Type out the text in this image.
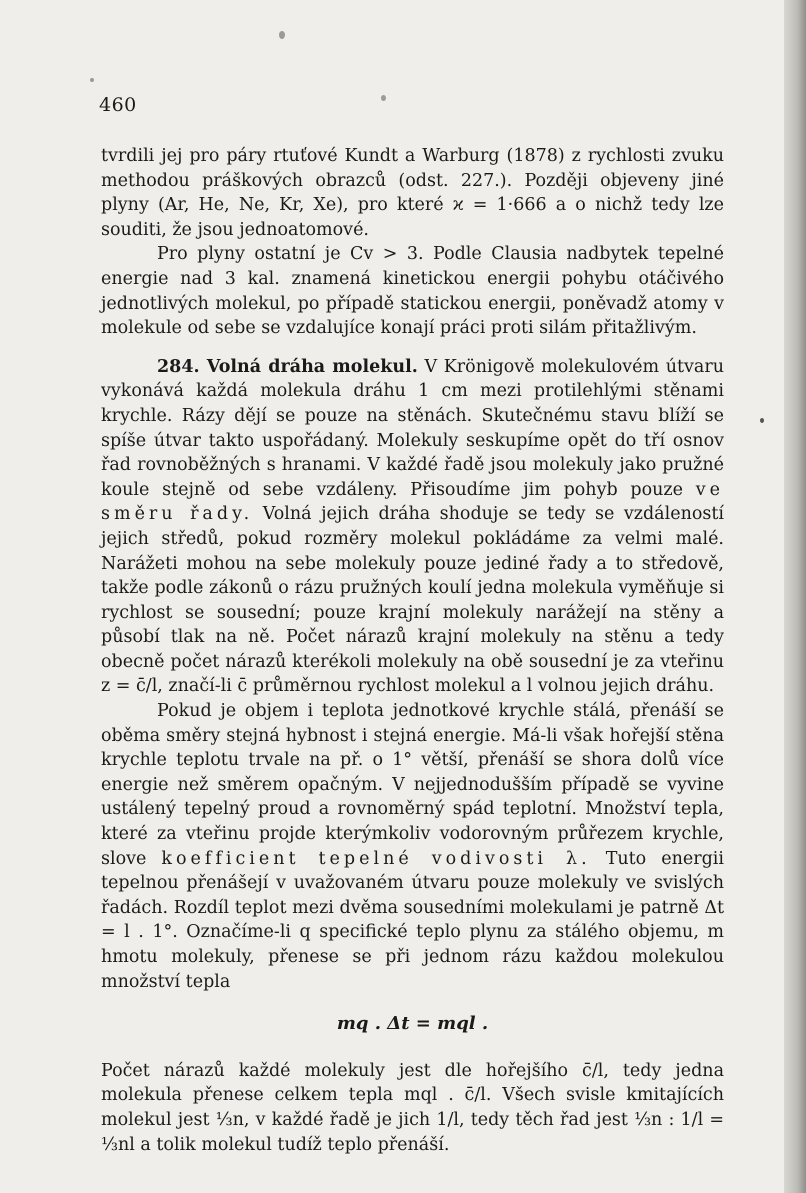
460

tvrdili jej pro páry rtuťové Kundt a Warburg (1878) z rychlosti zvuku methodou práškových obrazců (odst. 227.). Později objeveny jiné plyny (Ar, He, Ne, Kr, Xe), pro které ϰ = 1·666 a o nichž tedy lze souditi, že jsou jednoatomové.

Pro plyny ostatní je Cv > 3. Podle Clausia nadbytek tepelné energie nad 3 kal. znamená kinetickou energii pohybu otáčivého jednotlivých molekul, po případě statickou energii, poněvadž atomy v molekule od sebe se vzdalujíce konají práci proti silám přitažlivým.

284. Volná dráha molekul. V Krönigově molekulovém útvaru vykonává každá molekula dráhu 1 cm mezi protilehlými stěnami krychle. Rázy dějí se pouze na stěnách. Skutečnému stavu blíží se spíše útvar takto uspořádaný. Molekuly seskupíme opět do tří osnov řad rovnoběžných s hranami. V každé řadě jsou molekuly jako pružné koule stejně od sebe vzdáleny. Přisoudíme jim pohyb pouze ve směru řady. Volná jejich dráha shoduje se tedy se vzdáleností jejich středů, pokud rozměry molekul pokládáme za velmi malé. Narážeti mohou na sebe molekuly pouze jediné řady a to středově, takže podle zákonů o rázu pružných koulí jedna molekula vyměňuje si rychlost se sousední; pouze krajní molekuly narážejí na stěny a působí tlak na ně. Počet nárazů krajní molekuly na stěnu a tedy obecně počet nárazů kterékoli molekuly na obě sousední je za vteřinu z = c̄/l, značí-li c̄ průměrnou rychlost molekul a l volnou jejich dráhu.

Pokud je objem i teplota jednotkové krychle stálá, přenáší se oběma směry stejná hybnost i stejná energie. Má-li však hořejší stěna krychle teplotu trvale na př. o 1° větší, přenáší se shora dolů více energie než směrem opačným. V nejjednodušším případě se vyvine ustálený tepelný proud a rovnoměrný spád teplotní. Množství tepla, které za vteřinu projde kterýmkoliv vodorovným průřezem krychle, slove koefficient tepelné vodivosti λ. Tuto energii tepelnou přenášejí v uvažovaném útvaru pouze molekuly ve svislých řadách. Rozdíl teplot mezi dvěma sousedními molekulami je patrně Δt = l . 1°. Označíme-li q specifické teplo plynu za stálého objemu, m hmotu molekuly, přenese se při jednom rázu každou molekulou množství tepla

mq . Δt = mql .

Počet nárazů každé molekuly jest dle hořejšího c̄/l, tedy jedna molekula přenese celkem tepla mql . c̄/l. Všech svisle kmitajících molekul jest ⅓n, v každé řadě je jich 1/l, tedy těch řad jest ⅓n : 1/l = ⅓nl a tolik molekul tudíž teplo přenáší.
